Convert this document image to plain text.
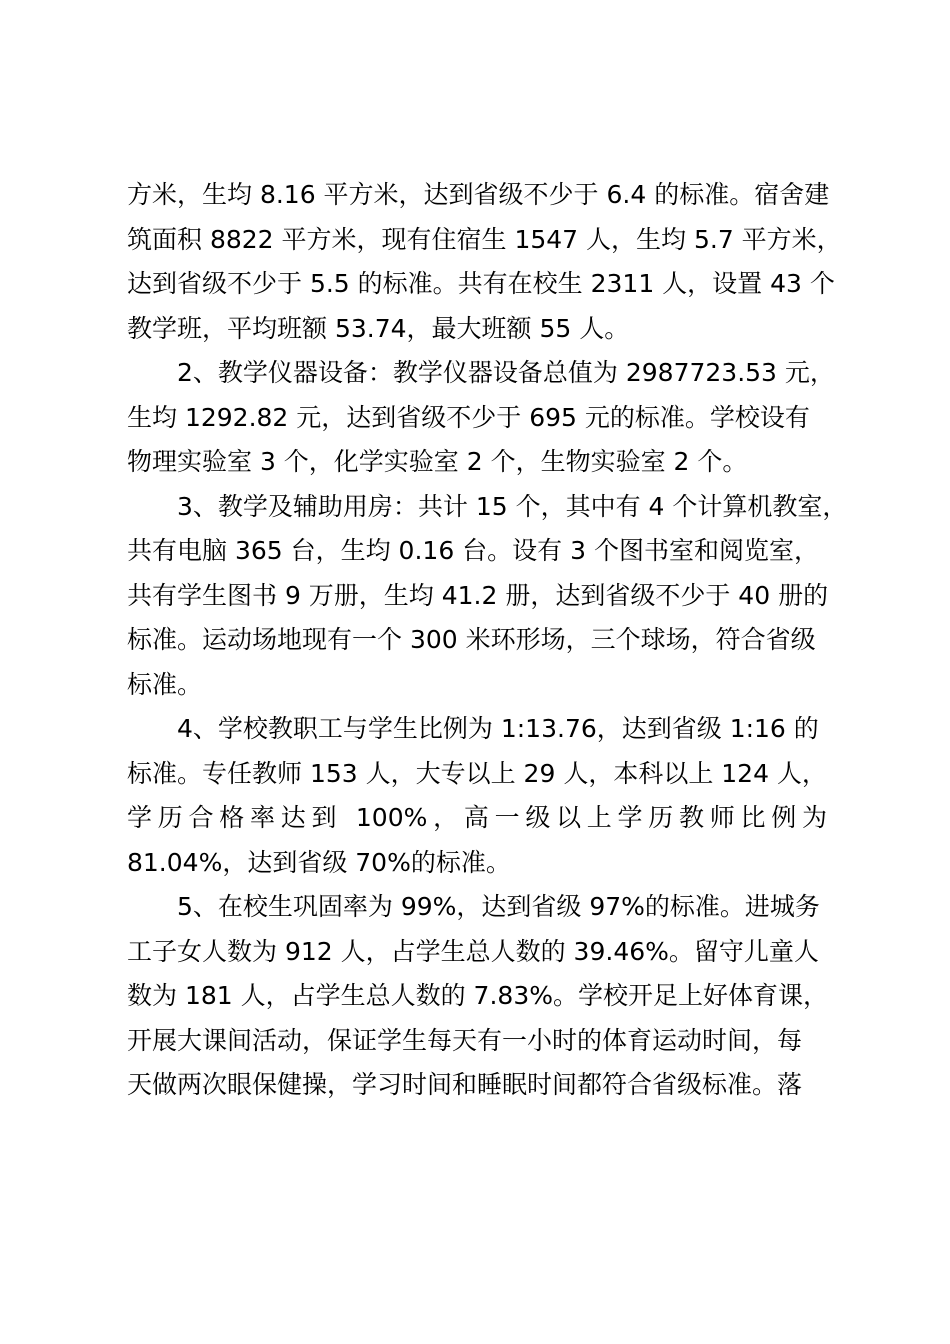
方米，生均 8.16 平方米，达到省级不少于 6.4 的标准。宿舍建
筑面积 8822 平方米，现有住宿生 1547 人，生均 5.7 平方米，
达到省级不少于 5.5 的标准。共有在校生 2311 人，设置 43 个
教学班，平均班额 53.74，最大班额 55 人。
2、教学仪器设备：教学仪器设备总值为 2987723.53 元，
生均 1292.82 元，达到省级不少于 695 元的标准。学校设有
物理实验室 3 个，化学实验室 2 个，生物实验室 2 个。
3、教学及辅助用房：共计 15 个，其中有 4 个计算机教室，
共有电脑 365 台，生均 0.16 台。设有 3 个图书室和阅览室，
共有学生图书 9 万册，生均 41.2 册，达到省级不少于 40 册的
标准。运动场地现有一个 300 米环形场，三个球场，符合省级
标准。
4、学校教职工与学生比例为 1:13.76，达到省级 1:16 的
标准。专任教师 153 人，大专以上 29 人，本科以上 124 人，
学历合格率达到 100%，高一级以上学历教师比例为
81.04%，达到省级 70%的标准。
5、在校生巩固率为 99%，达到省级 97%的标准。进城务
工子女人数为 912 人，占学生总人数的 39.46%。留守儿童人
数为 181 人，占学生总人数的 7.83%。学校开足上好体育课，
开展大课间活动，保证学生每天有一小时的体育运动时间，每
天做两次眼保健操，学习时间和睡眠时间都符合省级标准。落
